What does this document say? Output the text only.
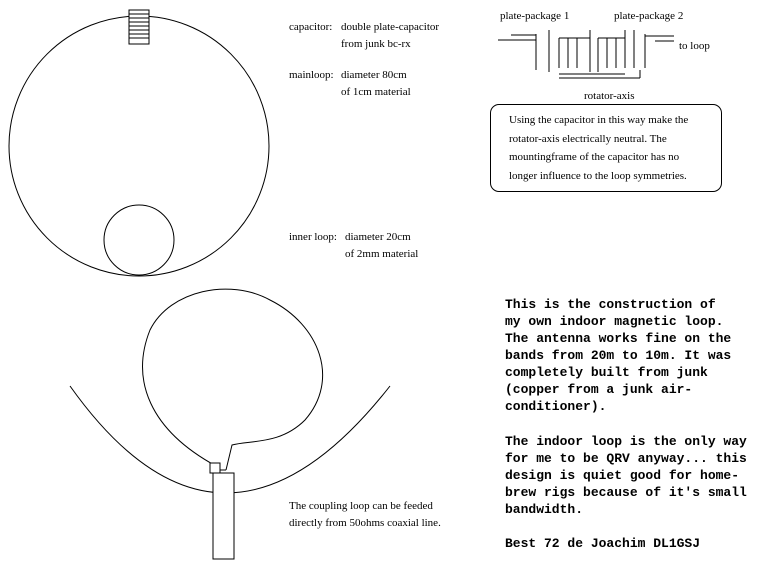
plate-package 1	plate-package 2
to loop
rotator-axis
capacitor: double plate-capacitor
from junk bc-rx
mainloop: diameter 80cm
of 1cm material
inner loop: diameter 20cm
of 2mm material
Using the capacitor in this way make the
rotator-axis electrically neutral. The
mountingframe of the capacitor has no
longer influence to the loop symmetries.
The coupling loop can be feeded
directly from 50ohms coaxial line.
This is the construction of
my own indoor magnetic loop.
The antenna works fine on the
bands from 20m to 10m. It was
completely built from junk
(copper from a junk air-
conditioner).
The indoor loop is the only way
for me to be QRV anyway... this
design is quiet good for home-
brew rigs because of it's small
bandwidth.
Best 72 de Joachim DL1GSJ
